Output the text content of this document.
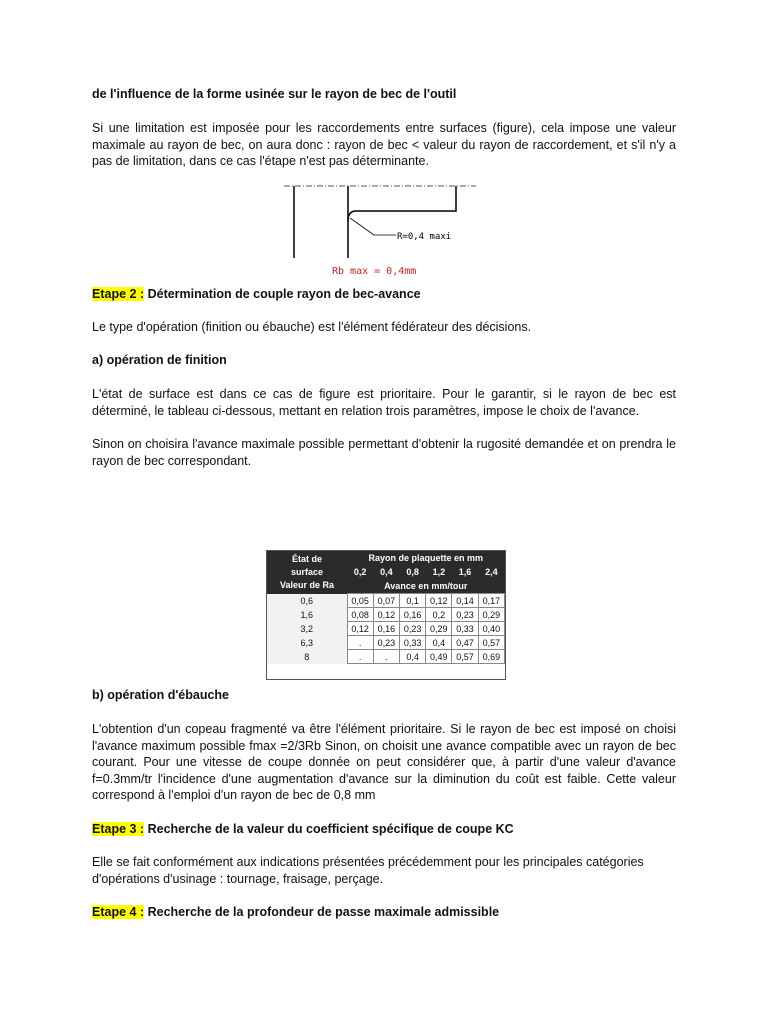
de l'influence de la forme usinée sur le rayon de bec de l'outil
Si une limitation est imposée pour les raccordements entre surfaces (figure), cela impose une valeur maximale au rayon de bec, on aura donc : rayon de bec < valeur du rayon de raccordement, et s'il n'y a pas de limitation, dans ce cas l'étape n'est pas déterminante.
R=0,4 maxi
Rb max = 0,4mm
Etape 2 : Détermination de couple rayon de bec-avance
Le type d'opération (finition ou ébauche) est l'élément fédérateur des décisions.
a) opération de finition
L'état de surface est dans ce cas de figure est prioritaire. Pour le garantir, si le rayon de bec est déterminé, le tableau ci-dessous, mettant en relation trois paramètres, impose le choix de l'avance.
Sinon on choisira l'avance maximale possible permettant d'obtenir la rugosité demandée et on prendra le rayon de bec correspondant.
État de
surface
Valeur de Ra	Rayon de plaquette en mm					
	0,2	0,4	0,8	1,2	1,6	2,4
	Avance en mm/tour					
0,6	0,05	0,07	0,1	0,12	0,14	0,17
1,6	0,08	0,12	0,16	0,2	0,23	0,29
3,2	0,12	0,16	0,23	0,29	0,33	0,40
6,3	.	0,23	0,33	0,4	0,47	0,57
8	.	.	0,4	0,49	0,57	0,69
b) opération d'ébauche
L'obtention d'un copeau fragmenté va être l'élément prioritaire. Si le rayon de bec est imposé on choisi l'avance maximum possible fmax =2/3Rb Sinon, on choisit une avance compatible avec un rayon de bec courant. Pour une vitesse de coupe donnée on peut considérer que, à partir d'une valeur d'avance f=0.3mm/tr l'incidence d'une augmentation d'avance sur la diminution du coût est faible. Cette valeur correspond à l'emploi d'un rayon de bec de 0,8 mm
Etape 3 : Recherche de la valeur du coefficient spécifique de coupe KC
Elle se fait conformément aux indications présentées précédemment pour les principales catégories d'opérations d'usinage : tournage, fraisage, perçage.
Etape 4 : Recherche de la profondeur de passe maximale admissible
